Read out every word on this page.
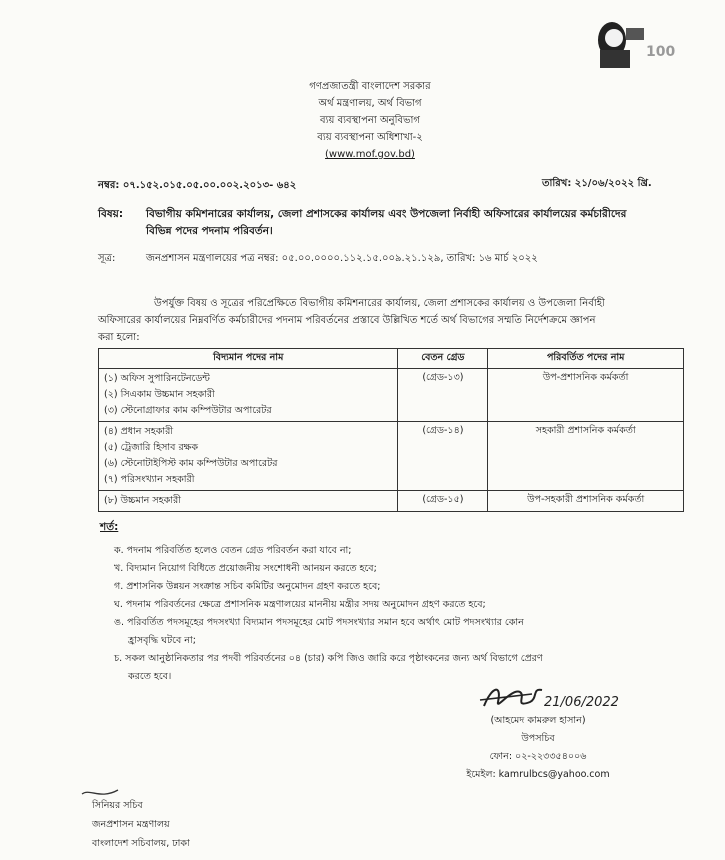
100
গণপ্রজাতন্ত্রী বাংলাদেশ সরকার
অর্থ মন্ত্রণালয়, অর্থ বিভাগ
ব্যয় ব্যবস্থাপনা অনুবিভাগ
ব্যয় ব্যবস্থাপনা অধিশাখা-২
(www.mof.gov.bd)
নম্বর: ০৭.১৫২.০১৫.০৫.০০.০০২.২০১৩- ৬৪২	তারিখ: ২১/০৬/২০২২ খ্রি.
বিষয়: বিভাগীয় কমিশনারের কার্যালয়, জেলা প্রশাসকের কার্যালয় এবং উপজেলা নির্বাহী অফিসারের কার্যালয়ের কর্মচারীদের
বিভিন্ন পদের পদনাম পরিবর্তন।
সূত্র:	জনপ্রশাসন মন্ত্রণালয়ের পত্র নম্বর: ০৫.০০.০০০০.১১২.১৫.০০৯.২১.১২৯, তারিখ: ১৬ মার্চ ২০২২
উপর্যুক্ত বিষয় ও সূত্রের পরিপ্রেক্ষিতে বিভাগীয় কমিশনারের কার্যালয়, জেলা প্রশাসকের কার্যালয় ও উপজেলা নির্বাহী
অফিসারের কার্যালয়ের নিম্নবর্ণিত কর্মচারীদের পদনাম পরিবর্তনের প্রস্তাবে উল্লিখিত শর্তে অর্থ বিভাগের সম্মতি নির্দেশক্রমে জ্ঞাপন
করা হলো:
বিদ্যমান পদের নাম	বেতন গ্রেড	পরিবর্তিত পদের নাম

(১) অফিস সুপারিনটেনডেন্ট
(২) সিএকাম উচ্চমান সহকারী
(৩) স্টেনোগ্রাফার কাম কম্পিউটার অপারেটর	(গ্রেড-১৩)	উপ-প্রশাসনিক কর্মকর্তা

(৪) প্রধান সহকারী
(৫) ট্রেজারি হিসাব রক্ষক
(৬) স্টেনোটাইপিস্ট কাম কম্পিউটার অপারেটর
(৭) পরিসংখ্যান সহকারী	(গ্রেড-১৪)	সহকারী প্রশাসনিক কর্মকর্তা

(৮) উচ্চমান সহকারী	(গ্রেড-১৫)	উপ-সহকারী প্রশাসনিক কর্মকর্তা
শর্ত:
ক. পদনাম পরিবর্তিত হলেও বেতন গ্রেড পরিবর্তন করা যাবে না;
খ. বিদ্যমান নিয়োগ বিধিতে প্রয়োজনীয় সংশোধনী আনয়ন করতে হবে;
গ. প্রশাসনিক উন্নয়ন সংক্রান্ত সচিব কমিটির অনুমোদন গ্রহণ করতে হবে;
ঘ. পদনাম পরিবর্তনের ক্ষেত্রে প্রশাসনিক মন্ত্রণালয়ের মাননীয় মন্ত্রীর সদয় অনুমোদন গ্রহণ করতে হবে;
ঙ. পরিবর্তিত পদসমূহের পদসংখ্যা বিদ্যমান পদসমূহের মোট পদসংখ্যার সমান হবে অর্থাৎ মোট পদসংখ্যার কোন
হ্রাসবৃদ্ধি ঘটবে না;
চ. সকল আনুষ্ঠানিকতার পর পদবী পরিবর্তনের ০৪ (চার) কপি জিও জারি করে পৃষ্ঠাংকনের জন্য অর্থ বিভাগে প্রেরণ
করতে হবে।
21/06/2022
(আহমেদ কামরুল হাসান)
উপসচিব
ফোন: ০২-২২৩৩৫৪০০৬
ইমেইল: kamrulbcs@yahoo.com
সিনিয়র সচিব
জনপ্রশাসন মন্ত্রণালয়
বাংলাদেশ সচিবালয়, ঢাকা
